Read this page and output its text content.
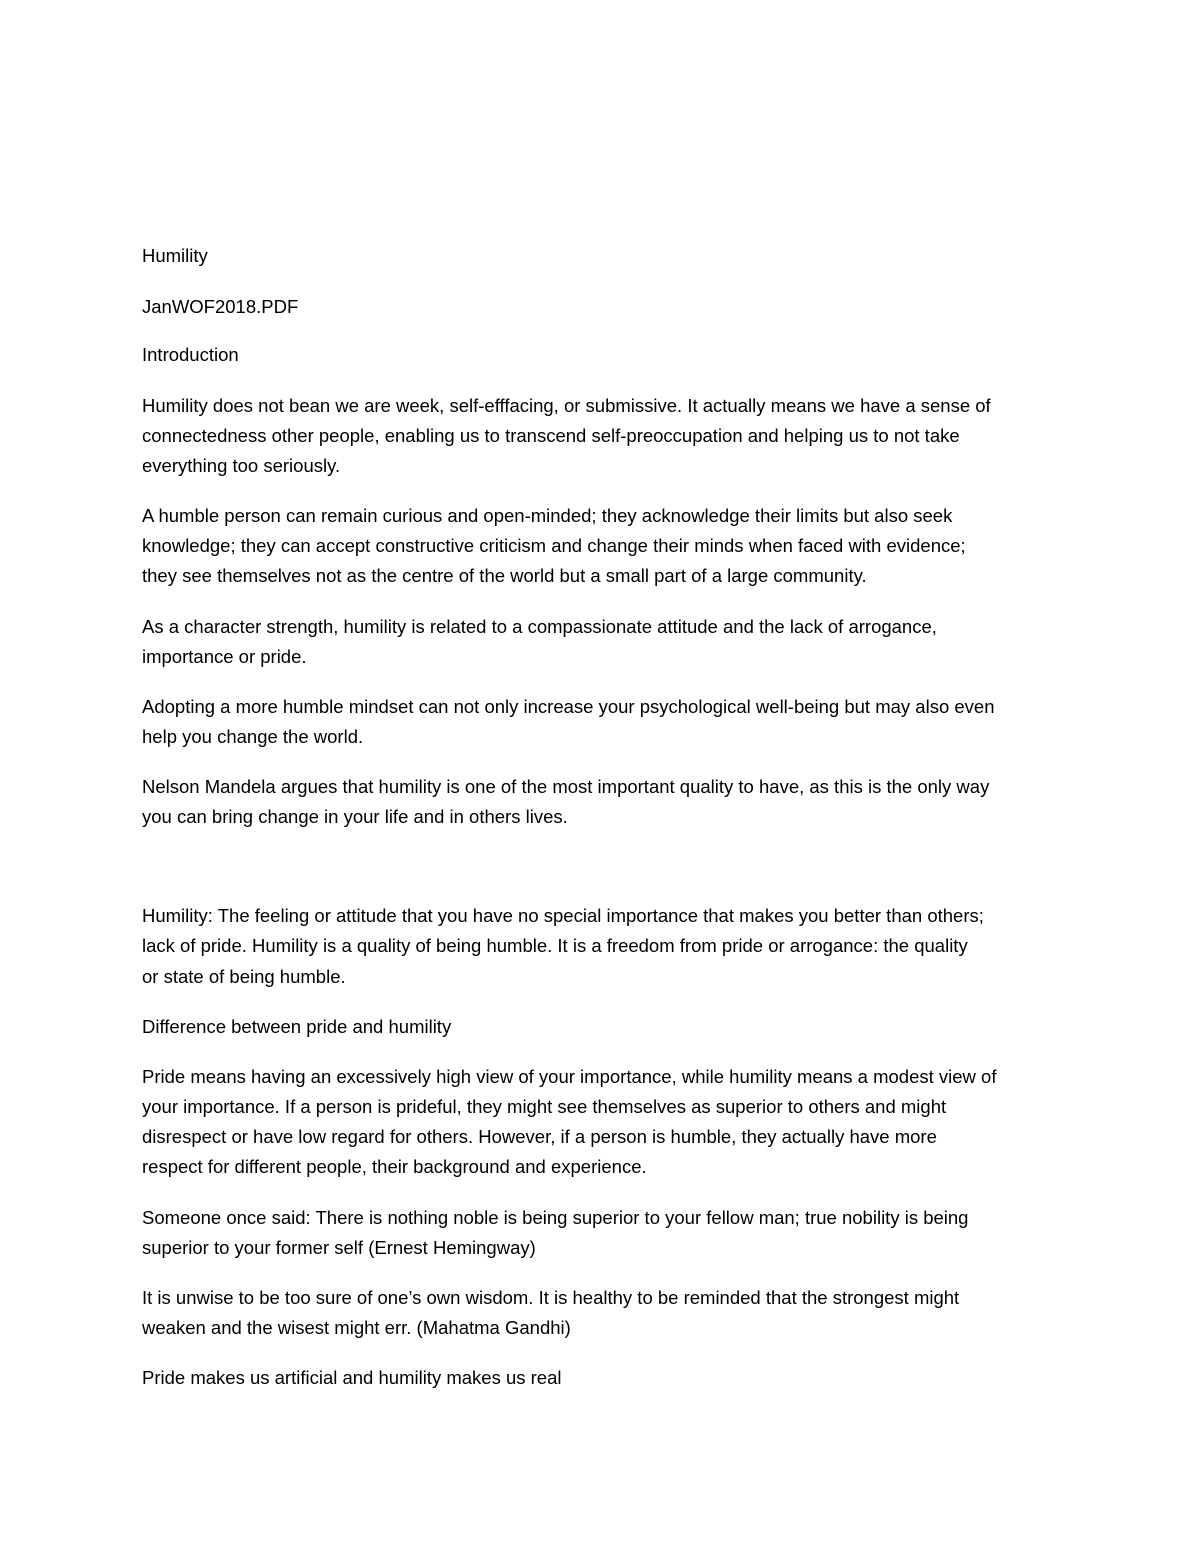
Humility

JanWOF2018.PDF

Introduction

Humility does not bean we are week, self-efffacing, or submissive. It actually means we have a sense of

connectedness other people, enabling us to transcend self-preoccupation and helping us to not take

everything too seriously.

A humble person can remain curious and open-minded; they acknowledge their limits but also seek

knowledge; they can accept constructive criticism and change their minds when faced with evidence;

they see themselves not as the centre of the world but a small part of a large community.

As a character strength, humility is related to a compassionate attitude and the lack of arrogance,

importance or pride.

Adopting a more humble mindset can not only increase your psychological well-being but may also even

help you change the world.

Nelson Mandela argues that humility is one of the most important quality to have, as this is the only way

you can bring change in your life and in others lives.

Humility: The feeling or attitude that you have no special importance that makes you better than others;

lack of pride. Humility is a quality of being humble. It is a freedom from pride or arrogance: the quality

or state of being humble.

Difference between pride and humility

Pride means having an excessively high view of your importance, while humility means a modest view of

your importance. If a person is prideful, they might see themselves as superior to others and might

disrespect or have low regard for others. However, if a person is humble, they actually have more

respect for different people, their background and experience.

Someone once said: There is nothing noble is being superior to your fellow man; true nobility is being

superior to your former self (Ernest Hemingway)

It is unwise to be too sure of one’s own wisdom. It is healthy to be reminded that the strongest might

weaken and the wisest might err. (Mahatma Gandhi)

Pride makes us artificial and humility makes us real
